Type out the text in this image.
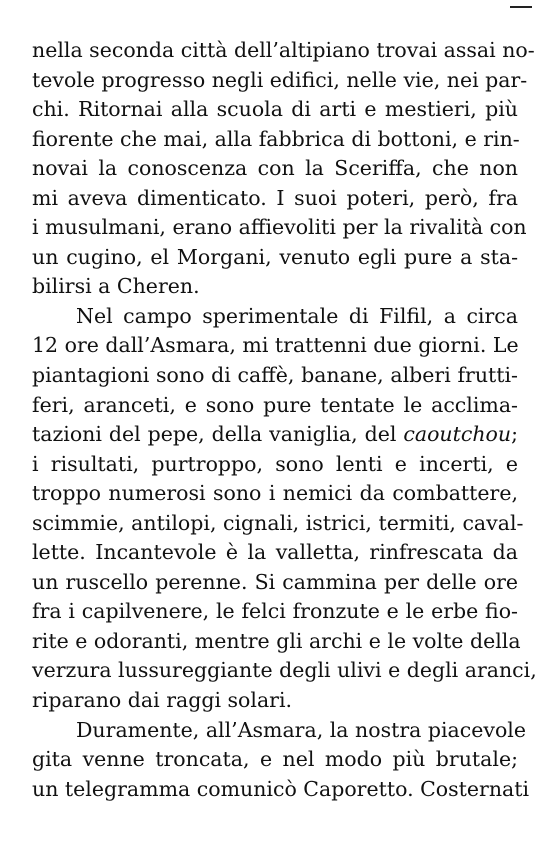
nella seconda città dell’altipiano trovai assai no-
tevole progresso negli edifici, nelle vie, nei par-
chi. Ritornai alla scuola di arti e mestieri, più
fiorente che mai, alla fabbrica di bottoni, e rin-
novai la conoscenza con la Sceriffa, che non
mi aveva dimenticato. I suoi poteri, però, fra
i musulmani, erano affievoliti per la rivalità con
un cugino, el Morgani, venuto egli pure a sta-
bilirsi a Cheren.
Nel campo sperimentale di Filfil, a circa
12 ore dall’Asmara, mi trattenni due giorni. Le
piantagioni sono di caffè, banane, alberi frutti-
feri, aranceti, e sono pure tentate le acclima-
tazioni del pepe, della vaniglia, del caoutchou;
i risultati, purtroppo, sono lenti e incerti, e
troppo numerosi sono i nemici da combattere,
scimmie, antilopi, cignali, istrici, termiti, caval-
lette. Incantevole è la valletta, rinfrescata da
un ruscello perenne. Si cammina per delle ore
fra i capilvenere, le felci fronzute e le erbe fio-
rite e odoranti, mentre gli archi e le volte della
verzura lussureggiante degli ulivi e degli aranci,
riparano dai raggi solari.
Duramente, all’Asmara, la nostra piacevole
gita venne troncata, e nel modo più brutale;
un telegramma comunicò Caporetto. Costernati
